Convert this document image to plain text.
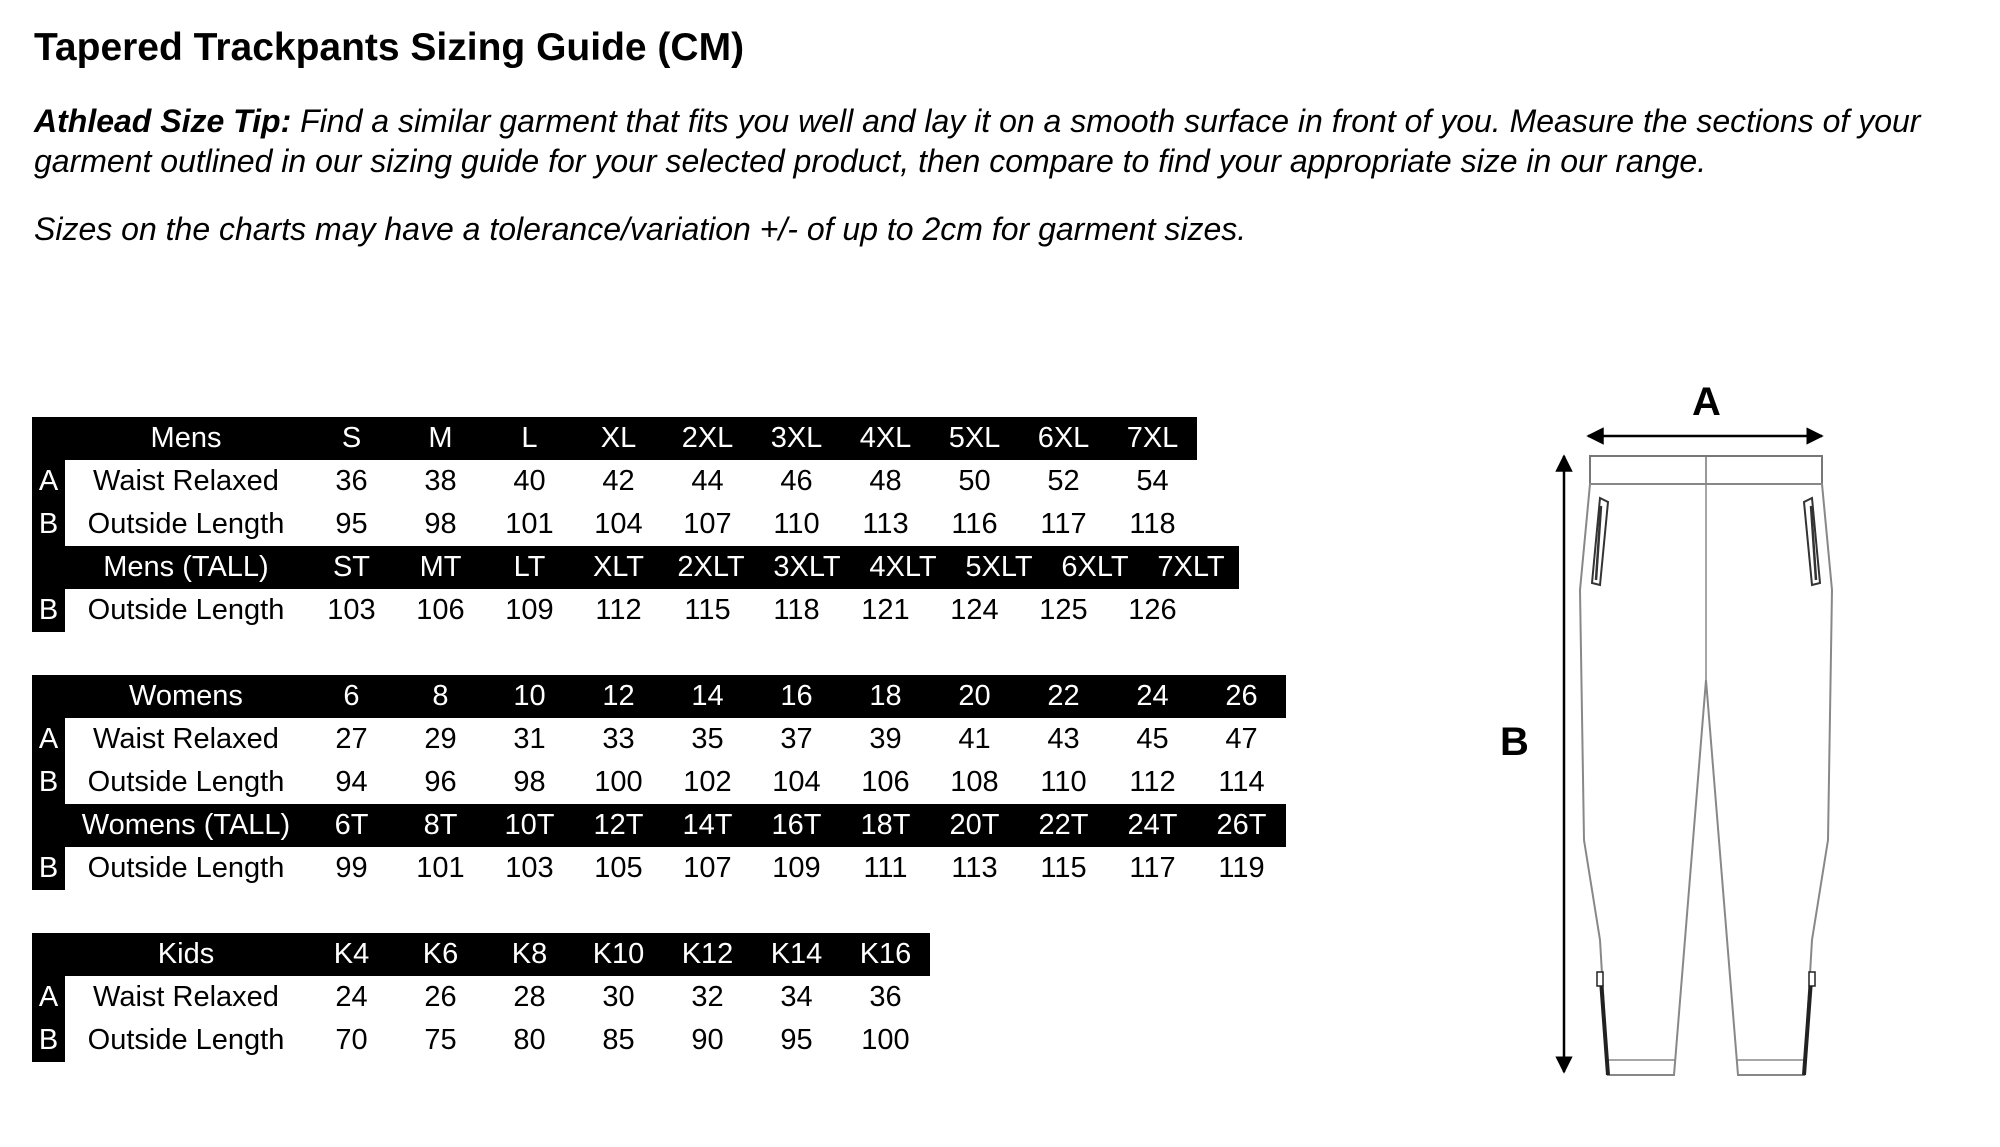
Tapered Trackpants Sizing Guide (CM)

Athlead Size Tip: Find a similar garment that fits you well and lay it on a smooth surface in front of you. Measure the sections of your garment outlined in our sizing guide for your selected product, then compare to find your appropriate size in our range.

Sizes on the charts may have a tolerance/variation +/- of up to 2cm for garment sizes.

Mens	S	M	L	XL	2XL	3XL	4XL	5XL	6XL	7XL
A	Waist Relaxed	36	38	40	42	44	46	48	50	52	54
B	Outside Length	95	98	101	104	107	110	113	116	117	118
Mens (TALL)	ST	MT	LT	XLT	2XLT 3XLT 4XLT 5XLT 6XLT 7XLT
B	Outside Length	103	106	109	112	115	118	121	124	125	126
Womens	6	8	10	12	14	16	18	20	22	24	26
A	Waist Relaxed	27	29	31	33	35	37	39	41	43	45	47
B	Outside Length	94	96	98	100	102	104	106	108	110	112	114
Womens (TALL)	6T	8T	10T	12T	14T	16T	18T	20T	22T	24T	26T
B	Outside Length	99	101	103	105	107	109	111	113	115	117	119
Kids	K4	K6	K8	K10	K12	K14	K16
A	Waist Relaxed	24	26	28	30	32	34	36
B	Outside Length	70	75	80	85	90	95	100
A
B
